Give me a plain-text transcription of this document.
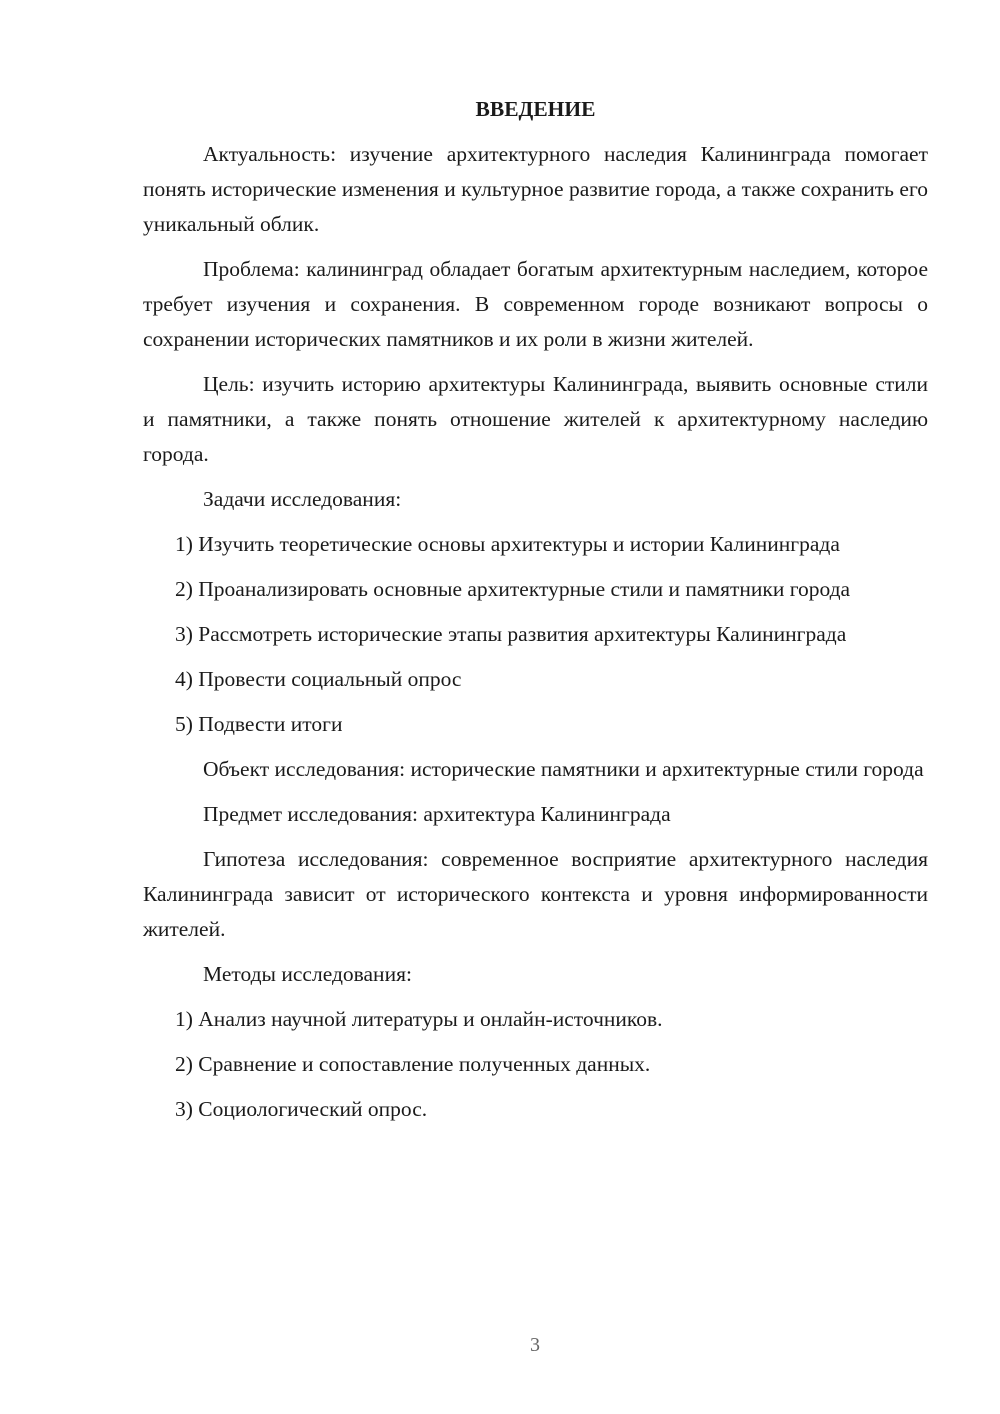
ВВЕДЕНИЕ

Актуальность: изучение архитектурного наследия Калининграда помогает понять исторические изменения и культурное развитие города, а также сохранить его уникальный облик.

Проблема: калининград обладает богатым архитектурным наследием, которое требует изучения и сохранения. В современном городе возникают вопросы о сохранении исторических памятников и их роли в жизни жителей.

Цель: изучить историю архитектуры Калининграда, выявить основные стили и памятники, а также понять отношение жителей к архитектурному наследию города.

Задачи исследования:

1) Изучить теоретические основы архитектуры и истории Калининграда

2) Проанализировать основные архитектурные стили и памятники города

3) Рассмотреть исторические этапы развития архитектуры Калининграда

4) Провести социальный опрос

5) Подвести итоги

Объект исследования: исторические памятники и архитектурные стили города

Предмет исследования: архитектура Калининграда

Гипотеза исследования: современное восприятие архитектурного наследия Калининграда зависит от исторического контекста и уровня информированности жителей.

Методы исследования:

1) Анализ научной литературы и онлайн-источников.

2) Сравнение и сопоставление полученных данных.

3) Социологический опрос.

3
